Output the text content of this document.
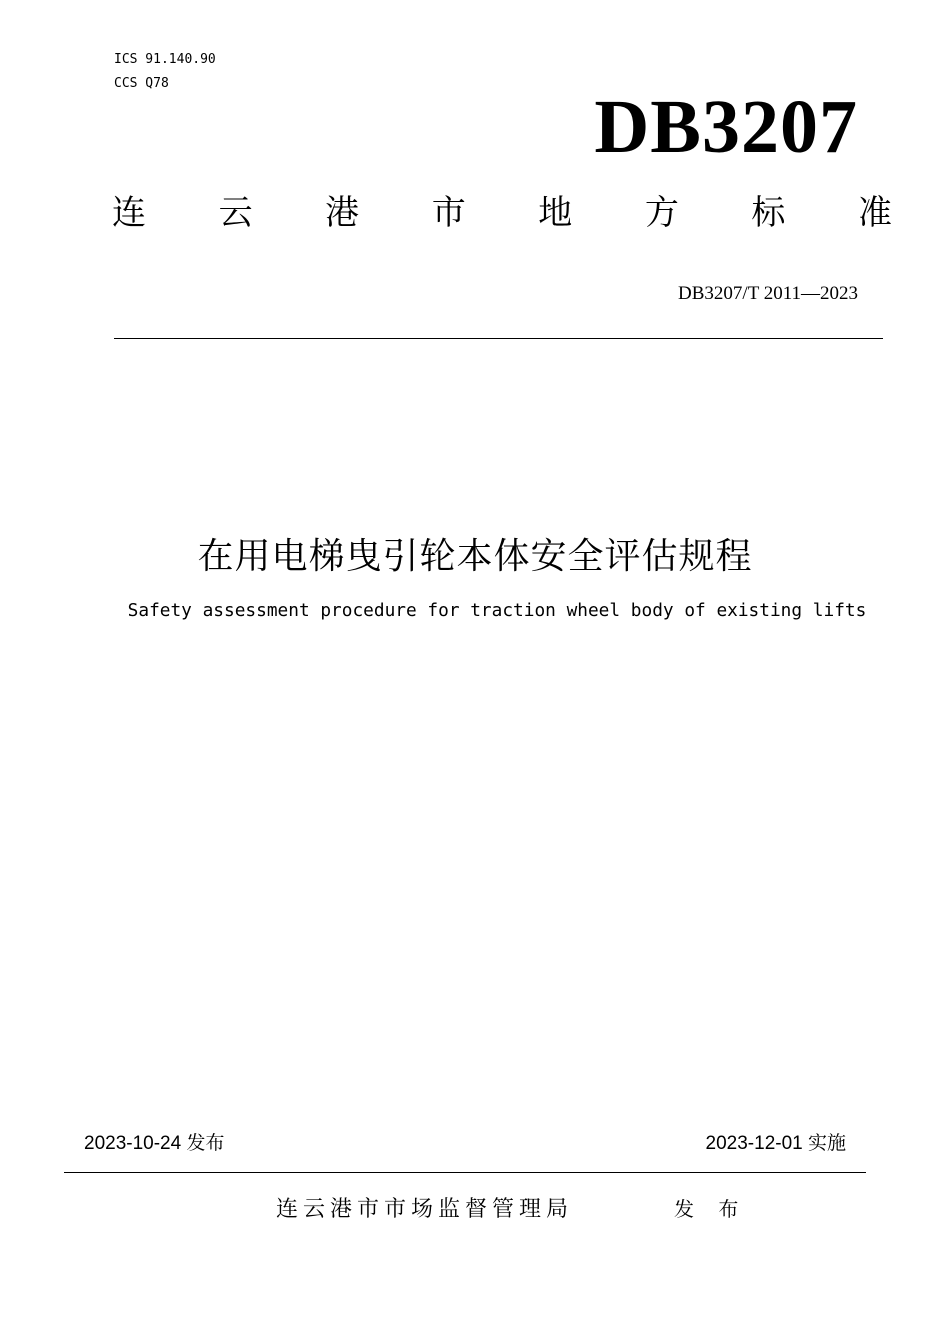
ICS 91.140.90
CCS Q78
DB3207
连 云 港 市 地 方 标 准
DB3207/T 2011—2023
在用电梯曳引轮本体安全评估规程
Safety assessment procedure for traction wheel body of existing lifts
2023-10-24 发布	2023-12-01 实施
连云港市市场监督管理局	发 布
